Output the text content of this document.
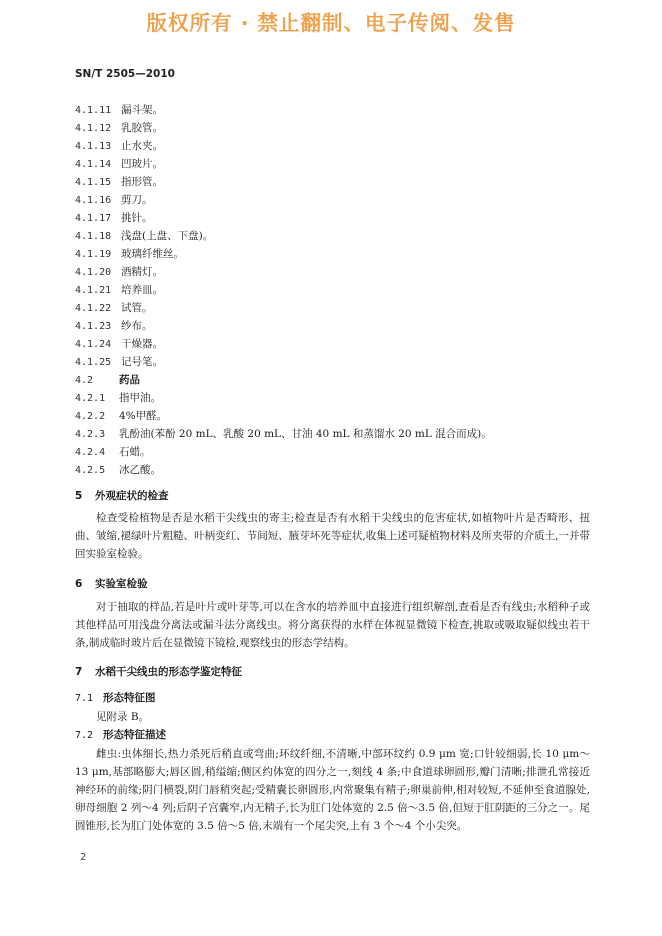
版权所有 · 禁止翻制、电子传阅、发售
SN/T 2505—2010
4.1.11 漏斗架。
4.1.12 乳胶管。
4.1.13 止水夹。
4.1.14 凹玻片。
4.1.15 指形管。
4.1.16 剪刀。
4.1.17 挑针。
4.1.18 浅盘(上盘、下盘)。
4.1.19 玻璃纤维丝。
4.1.20 酒精灯。
4.1.21 培养皿。
4.1.22 试管。
4.1.23 纱布。
4.1.24 干燥器。
4.1.25 记号笔。
4.2 药品
4.2.1 指甲油。
4.2.2 4%甲醛。
4.2.3 乳酚油(苯酚 20 mL、乳酸 20 mL、甘油 40 mL 和蒸馏水 20 mL 混合而成)。
4.2.4 石蜡。
4.2.5 冰乙酸。
5 外观症状的检查
检查受检植物是否是水稻干尖线虫的寄主;检查是否有水稻干尖线虫的危害症状,如植物叶片是否畸形、扭曲、皱缩,褪绿叶片粗糙、叶柄变红、节间短、腋芽坏死等症状,收集上述可疑植物材料及所夹带的介质土,一并带回实验室检验。
6 实验室检验
对于抽取的样品,若是叶片或叶芽等,可以在含水的培养皿中直接进行组织解剖,查看是否有线虫;水稻种子或其他样品可用浅盘分离法或漏斗法分离线虫。将分离获得的水样在体视显微镜下检查,挑取或吸取疑似线虫若干条,制成临时玻片后在显微镜下镜检,观察线虫的形态学结构。
7 水稻干尖线虫的形态学鉴定特征
7.1 形态特征图
见附录 B。
7.2 形态特征描述
雌虫:虫体细长,热力杀死后稍直或弯曲;环纹纤细,不清晰,中部环纹约 0.9 μm 宽;口针较细弱,长 10 μm～13 μm,基部略膨大;唇区圆,稍缢缩;侧区约体宽的四分之一,刻线 4 条;中食道球卵圆形,瓣门清晰;排泄孔常接近神经环的前缘;阴门横裂,阴门唇稍突起;受精囊长卵圆形,内常聚集有精子;卵巢前伸,相对较短,不延伸至食道腺处,卵母细胞 2 列～4 列;后阴子宫囊窄,内无精子,长为肛门处体宽的 2.5 倍～3.5 倍,但短于肛阴距的三分之一。尾圆锥形,长为肛门处体宽的 3.5 倍～5 倍,末端有一个尾尖突,上有 3 个～4 个小尖突。
2
